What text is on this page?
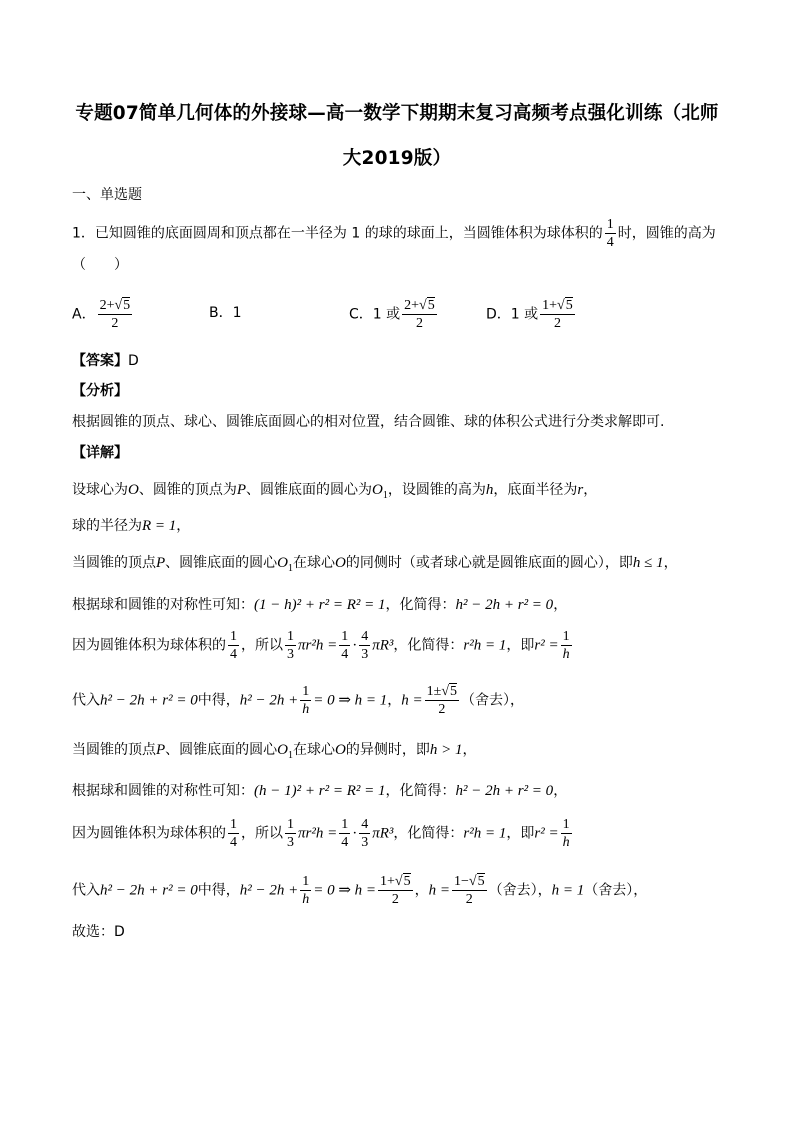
专题07简单几何体的外接球—高一数学下期期末复习高频考点强化训练（北师
大2019版）
一、单选题
1．已知圆锥的底面圆周和顶点都在一半径为 1 的球的球面上，当圆锥体积为球体积的 $\frac{1}{4}$ 时，圆锥的高为
（　　）
A． $\frac{2+√5}{2}$	B．1	C．1 或 $\frac{2+√5}{2}$	D．1 或 $\frac{1+√5}{2}$
【答案】D
【分析】
根据圆锥的顶点、球心、圆锥底面圆心的相对位置，结合圆锥、球的体积公式进行分类求解即可.
【详解】
设球心为O、圆锥的顶点为P、圆锥底面的圆心为$O_1$，设圆锥的高为h，底面半径为r，
球的半径为R = 1，
当圆锥的顶点P、圆锥底面的圆心$O_1$在球心O的同侧时（或者球心就是圆锥底面的圆心），即h ≤ 1，
根据球和圆锥的对称性可知：(1 − h)² + r² = R² = 1，化简得：h² − 2h + r² = 0，
因为圆锥体积为球体积的 $\frac{1}{4}$ ，所以 $\frac{1}{3} \pi r^2h = \frac{1}{4} \cdot \frac{4}{3} \pi R^3$，化简得：r²h = 1，即$r^2 = \frac{1}{h}$
代入h² − 2h + r² = 0中得，$h^2 - 2h + \frac{1}{h} = 0$ ⇒ h = 1，$h = \frac{1\pm√5}{2}$ （舍去），
当圆锥的顶点P、圆锥底面的圆心$O_1$在球心O的异侧时，即h > 1，
根据球和圆锥的对称性可知：(h − 1)² + r² = R² = 1，化简得：h² − 2h + r² = 0，
因为圆锥体积为球体积的 $\frac{1}{4}$ ，所以 $\frac{1}{3} \pi r^2h = \frac{1}{4} \cdot \frac{4}{3} \pi R^3$，化简得：r²h = 1，即$r^2 = \frac{1}{h}$
代入h² − 2h + r² = 0中得，$h^2 - 2h + \frac{1}{h} = 0$ ⇒ $h = \frac{1+√5}{2}$ ，$h = \frac{1-√5}{2}$ （舍去），h = 1（舍去），
故选：D
